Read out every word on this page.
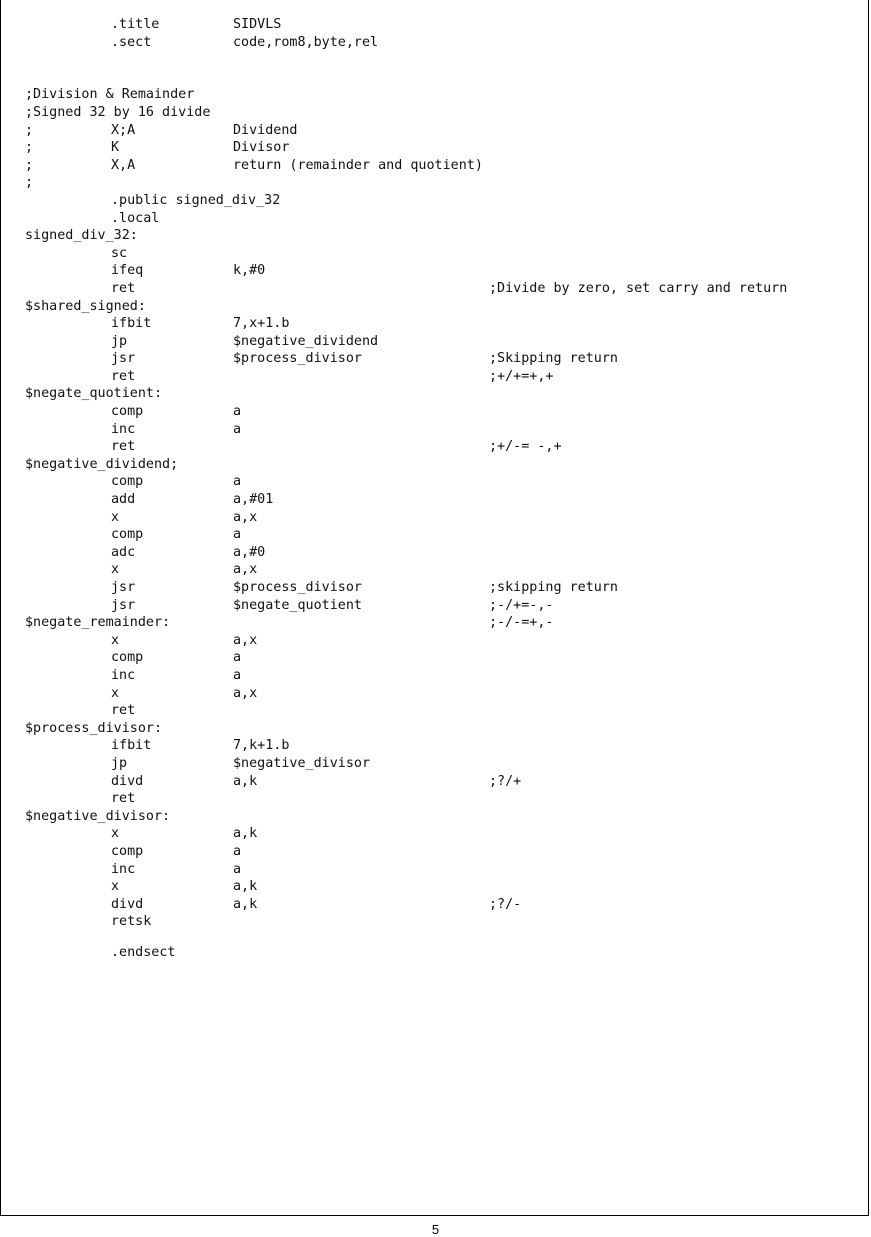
.title	SIDVLS
.sect	code,rom8,byte,rel
;Division & Remainder
;Signed 32 by 16 divide
;	X;A	Dividend
;	K	Divisor
;	X,A	return (remainder and quotient)
;
.public signed_div_32
.local
signed_div_32:
sc
ifeq	k,#0
ret	;Divide by zero, set carry and return
$shared_signed:
ifbit	7,x+1.b
jp	$negative_dividend
jsr	$process_divisor	;Skipping return
ret	;+/+=+,+
$negate_quotient:
comp	a
inc	a
ret	;+/-= -,+
$negative_dividend;
comp	a
add	a,#01
x	a,x
comp	a
adc	a,#0
x	a,x
jsr	$process_divisor	;skipping return
jsr	$negate_quotient	;-/+=-,-
$negate_remainder:	;-/-=+,-
x	a,x
comp	a
inc	a
x	a,x
ret
$process_divisor:
ifbit	7,k+1.b
jp	$negative_divisor
divd	a,k	;?/+
ret
$negative_divisor:
x	a,k
comp	a
inc	a
x	a,k
divd	a,k	;?/-
retsk
.endsect
5
